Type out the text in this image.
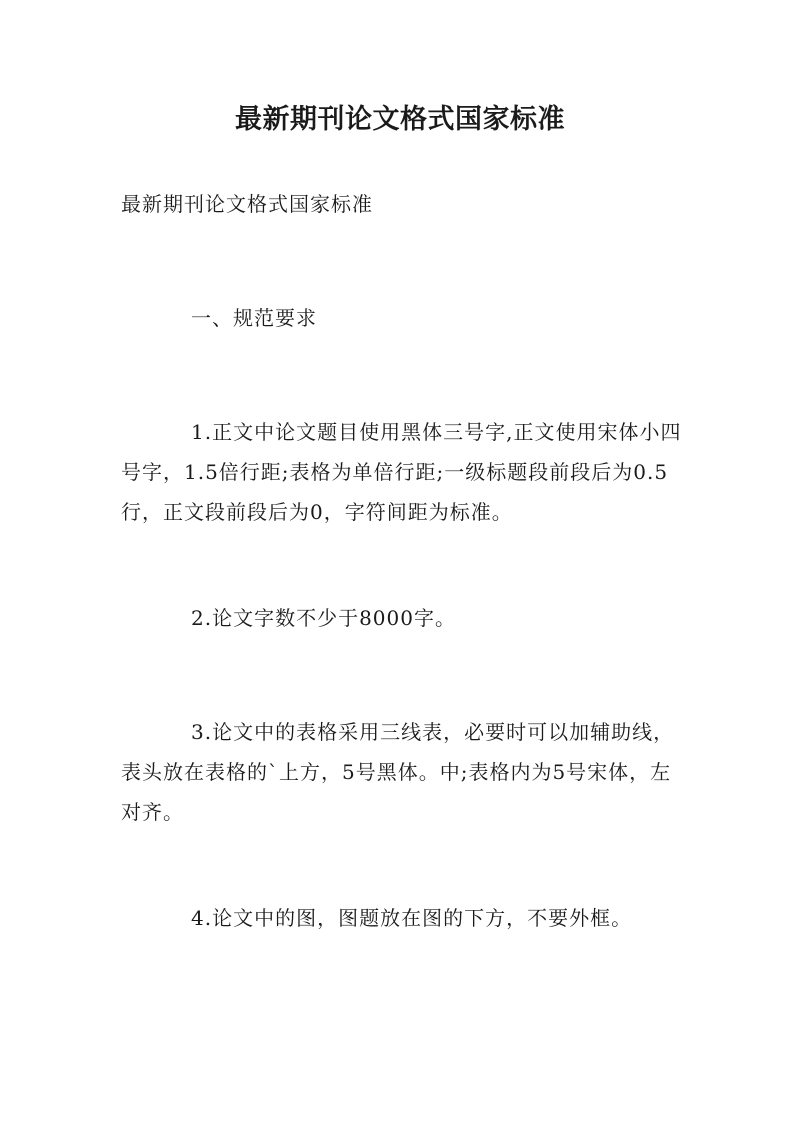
最新期刊论文格式国家标准

最新期刊论文格式国家标准

一、规范要求

1.正文中论文题目使用黑体三号字,正文使用宋体小四号字，1.5倍行距;表格为单倍行距;一级标题段前段后为0.5行，正文段前段后为0，字符间距为标准。

2.论文字数不少于8000字。

3.论文中的表格采用三线表，必要时可以加辅助线，表头放在表格的`上方，5号黑体。中;表格内为5号宋体，左对齐。

4.论文中的图，图题放在图的下方，不要外框。
